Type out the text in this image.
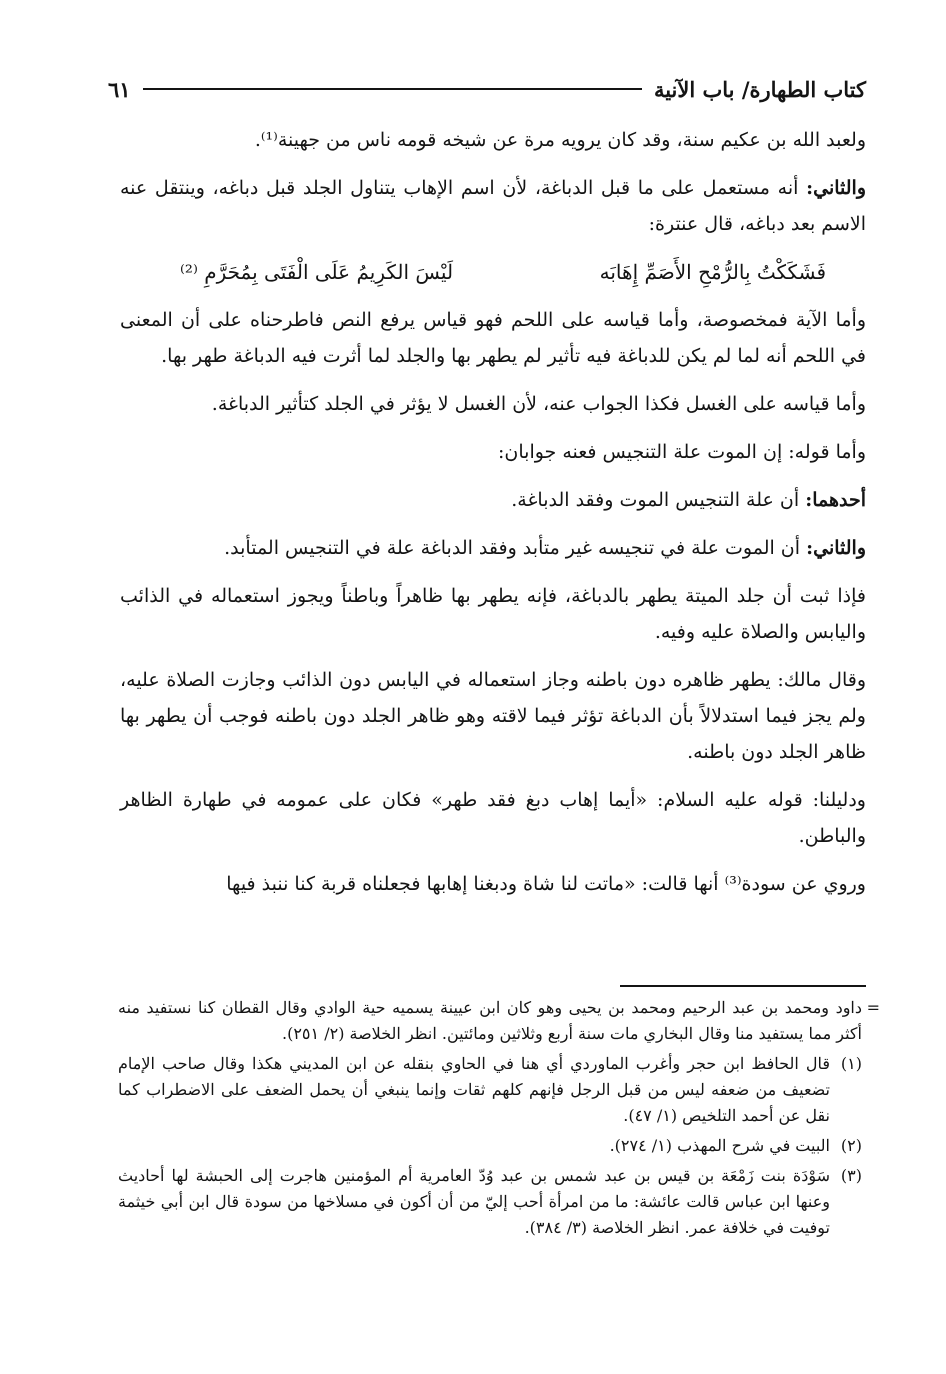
كتاب الطهارة/ باب الآنية
٦١

ولعبد الله بن عكيم سنة، وقد كان يرويه مرة عن شيخه قومه ناس من جهينة⁽¹⁾.

والثاني: أنه مستعمل على ما قبل الدباغة، لأن اسم الإهاب يتناول الجلد قبل دباغه، وينتقل عنه الاسم بعد دباغه، قال عنترة:

فَشَكَكْتُ بِالرُّمْحِ الأَصَمِّ إِهَابَه
لَيْسَ الكَرِيمُ عَلَى الْفَتَى بِمُحَرَّمِ ⁽²⁾

وأما الآية فمخصوصة، وأما قياسه على اللحم فهو قياس يرفع النص فاطرحناه على أن المعنى في اللحم أنه لما لم يكن للدباغة فيه تأثير لم يطهر بها والجلد لما أثرت فيه الدباغة طهر بها.

وأما قياسه على الغسل فكذا الجواب عنه، لأن الغسل لا يؤثر في الجلد كتأثير الدباغة.

وأما قوله: إن الموت علة التنجيس فعنه جوابان:

أحدهما: أن علة التنجيس الموت وفقد الدباغة.

والثاني: أن الموت علة في تنجيسه غير متأبد وفقد الدباغة علة في التنجيس المتأبد.

فإذا ثبت أن جلد الميتة يطهر بالدباغة، فإنه يطهر بها ظاهراً وباطناً ويجوز استعماله في الذائب واليابس والصلاة عليه وفيه.

وقال مالك: يطهر ظاهره دون باطنه وجاز استعماله في اليابس دون الذائب وجازت الصلاة عليه، ولم يجز فيما استدلالاً بأن الدباغة تؤثر فيما لاقته وهو ظاهر الجلد دون باطنه فوجب أن يطهر بها ظاهر الجلد دون باطنه.

ودليلنا: قوله عليه السلام: «أيما إهاب دبغ فقد طهر» فكان على عمومه في طهارة الظاهر والباطن.

وروي عن سودة⁽³⁾ أنها قالت: «ماتت لنا شاة ودبغنا إهابها فجعلناه قربة كنا ننبذ فيها

=
داود ومحمد بن عبد الرحيم ومحمد بن يحيى وهو كان ابن عيينة يسميه حية الوادي وقال القطان كنا نستفيد منه أكثر مما يستفيد منا وقال البخاري مات سنة أربع وثلاثين ومائتين. انظر الخلاصة (٢/ ٢٥١).
(١)
قال الحافظ ابن حجر وأغرب الماوردي أي هنا في الحاوي بنقله عن ابن المديني هكذا وقال صاحب الإمام تضعيف من ضعفه ليس من قبل الرجل فإنهم كلهم ثقات وإنما ينبغي أن يحمل الضعف على الاضطراب كما نقل عن أحمد التلخيص (١/ ٤٧).
(٢)
البيت في شرح المهذب (١/ ٢٧٤).
(٣)
سَوْدَة بنت زَمْعَة بن قيس بن عبد شمس بن عبد وُدّ العامرية أم المؤمنين هاجرت إلى الحبشة لها أحاديث وعنها ابن عباس قالت عائشة: ما من امرأة أحب إليّ من أن أكون في مسلاخها من سودة قال ابن أبي خيثمة توفيت في خلافة عمر. انظر الخلاصة (٣/ ٣٨٤).
